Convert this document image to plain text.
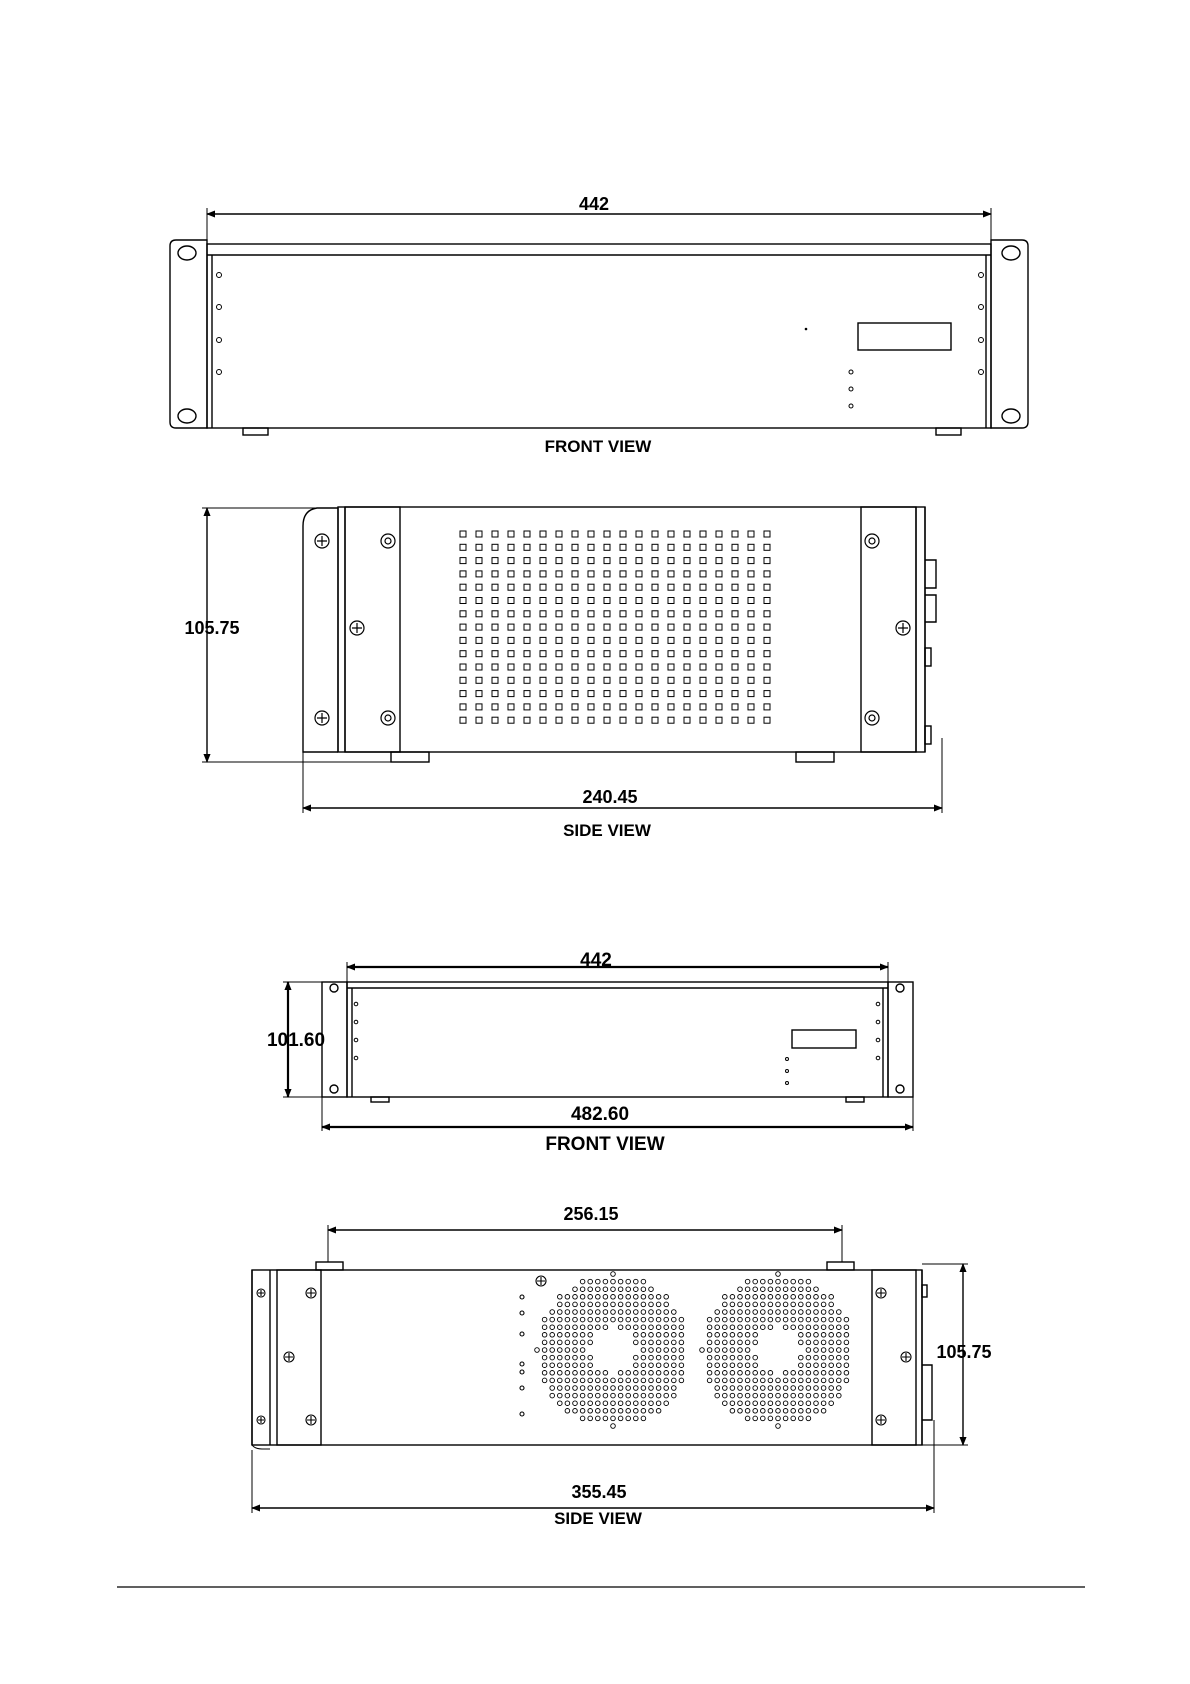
442
FRONT VIEW
105.75
240.45
SIDE VIEW
442
101.60
482.60
FRONT VIEW
256.15
105.75
355.45
SIDE VIEW
